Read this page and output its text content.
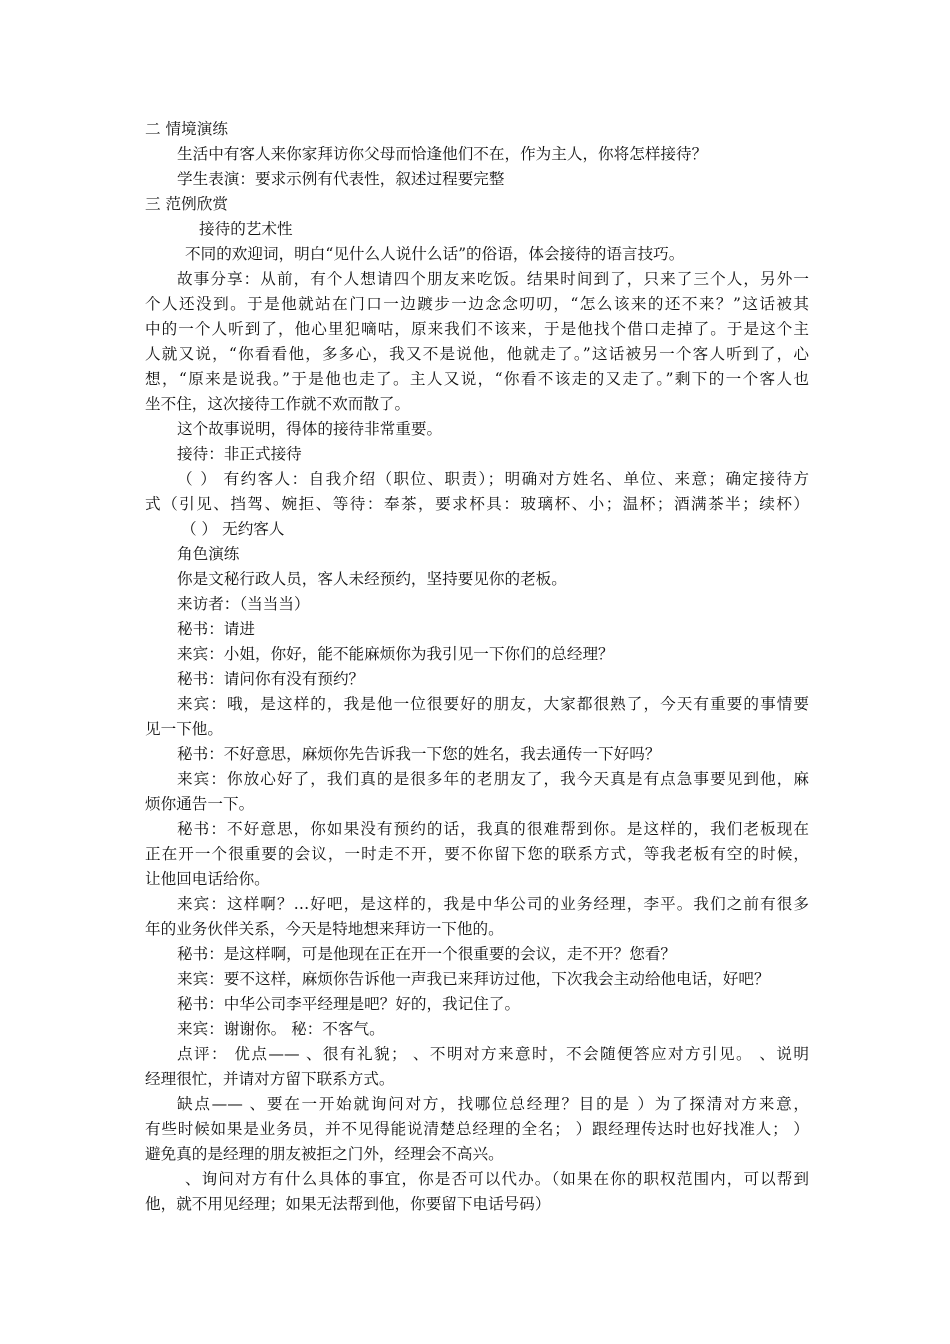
二 情境演练
生活中有客人来你家拜访你父母而恰逢他们不在，作为主人，你将怎样接待？
学生表演：要求示例有代表性，叙述过程要完整
三 范例欣赏
接待的艺术性
不同的欢迎词，明白“见什么人说什么话”的俗语，体会接待的语言技巧。
故事分享：从前，有个人想请四个朋友来吃饭。结果时间到了，只来了三个人，另外一
个人还没到。于是他就站在门口一边踱步一边念念叨叨，“怎么该来的还不来？”这话被其
中的一个人听到了，他心里犯嘀咕，原来我们不该来，于是他找个借口走掉了。于是这个主
人就又说，“你看看他，多多心，我又不是说他，他就走了。”这话被另一个客人听到了，心
想，“原来是说我。”于是他也走了。主人又说，“你看不该走的又走了。”剩下的一个客人也
坐不住，这次接待工作就不欢而散了。
这个故事说明，得体的接待非常重要。
接待：非正式接待
（ ） 有约客人：自我介绍（职位、职责）；明确对方姓名、单位、来意；确定接待方
式（引见、挡驾、婉拒、等待：奉茶，要求杯具：玻璃杯、小；温杯；酒满茶半；续杯）
（ ） 无约客人
角色演练
你是文秘行政人员，客人未经预约，坚持要见你的老板。
来访者：（当当当）
秘书：请进
来宾：小姐，你好，能不能麻烦你为我引见一下你们的总经理？
秘书：请问你有没有预约？
来宾：哦，是这样的，我是他一位很要好的朋友，大家都很熟了，今天有重要的事情要
见一下他。
秘书：不好意思，麻烦你先告诉我一下您的姓名，我去通传一下好吗？
来宾：你放心好了，我们真的是很多年的老朋友了，我今天真是有点急事要见到他，麻
烦你通告一下。
秘书：不好意思，你如果没有预约的话，我真的很难帮到你。是这样的，我们老板现在
正在开一个很重要的会议，一时走不开，要不你留下您的联系方式，等我老板有空的时候，
让他回电话给你。
来宾：这样啊？…好吧，是这样的，我是中华公司的业务经理，李平。我们之前有很多
年的业务伙伴关系，今天是特地想来拜访一下他的。
秘书：是这样啊，可是他现在正在开一个很重要的会议，走不开？您看？
来宾：要不这样，麻烦你告诉他一声我已来拜访过他，下次我会主动给他电话，好吧？
秘书：中华公司李平经理是吧？好的，我记住了。
来宾：谢谢你。 秘：不客气。
点评： 优点—— 、很有礼貌； 、不明对方来意时，不会随便答应对方引见。 、说明
经理很忙，并请对方留下联系方式。
缺点—— 、要在一开始就询问对方，找哪位总经理？目的是 ）为了探清对方来意，
有些时候如果是业务员，并不见得能说清楚总经理的全名； ）跟经理传达时也好找准人； ）
避免真的是经理的朋友被拒之门外，经理会不高兴。
、询问对方有什么具体的事宜，你是否可以代办。（如果在你的职权范围内，可以帮到
他，就不用见经理；如果无法帮到他，你要留下电话号码）
